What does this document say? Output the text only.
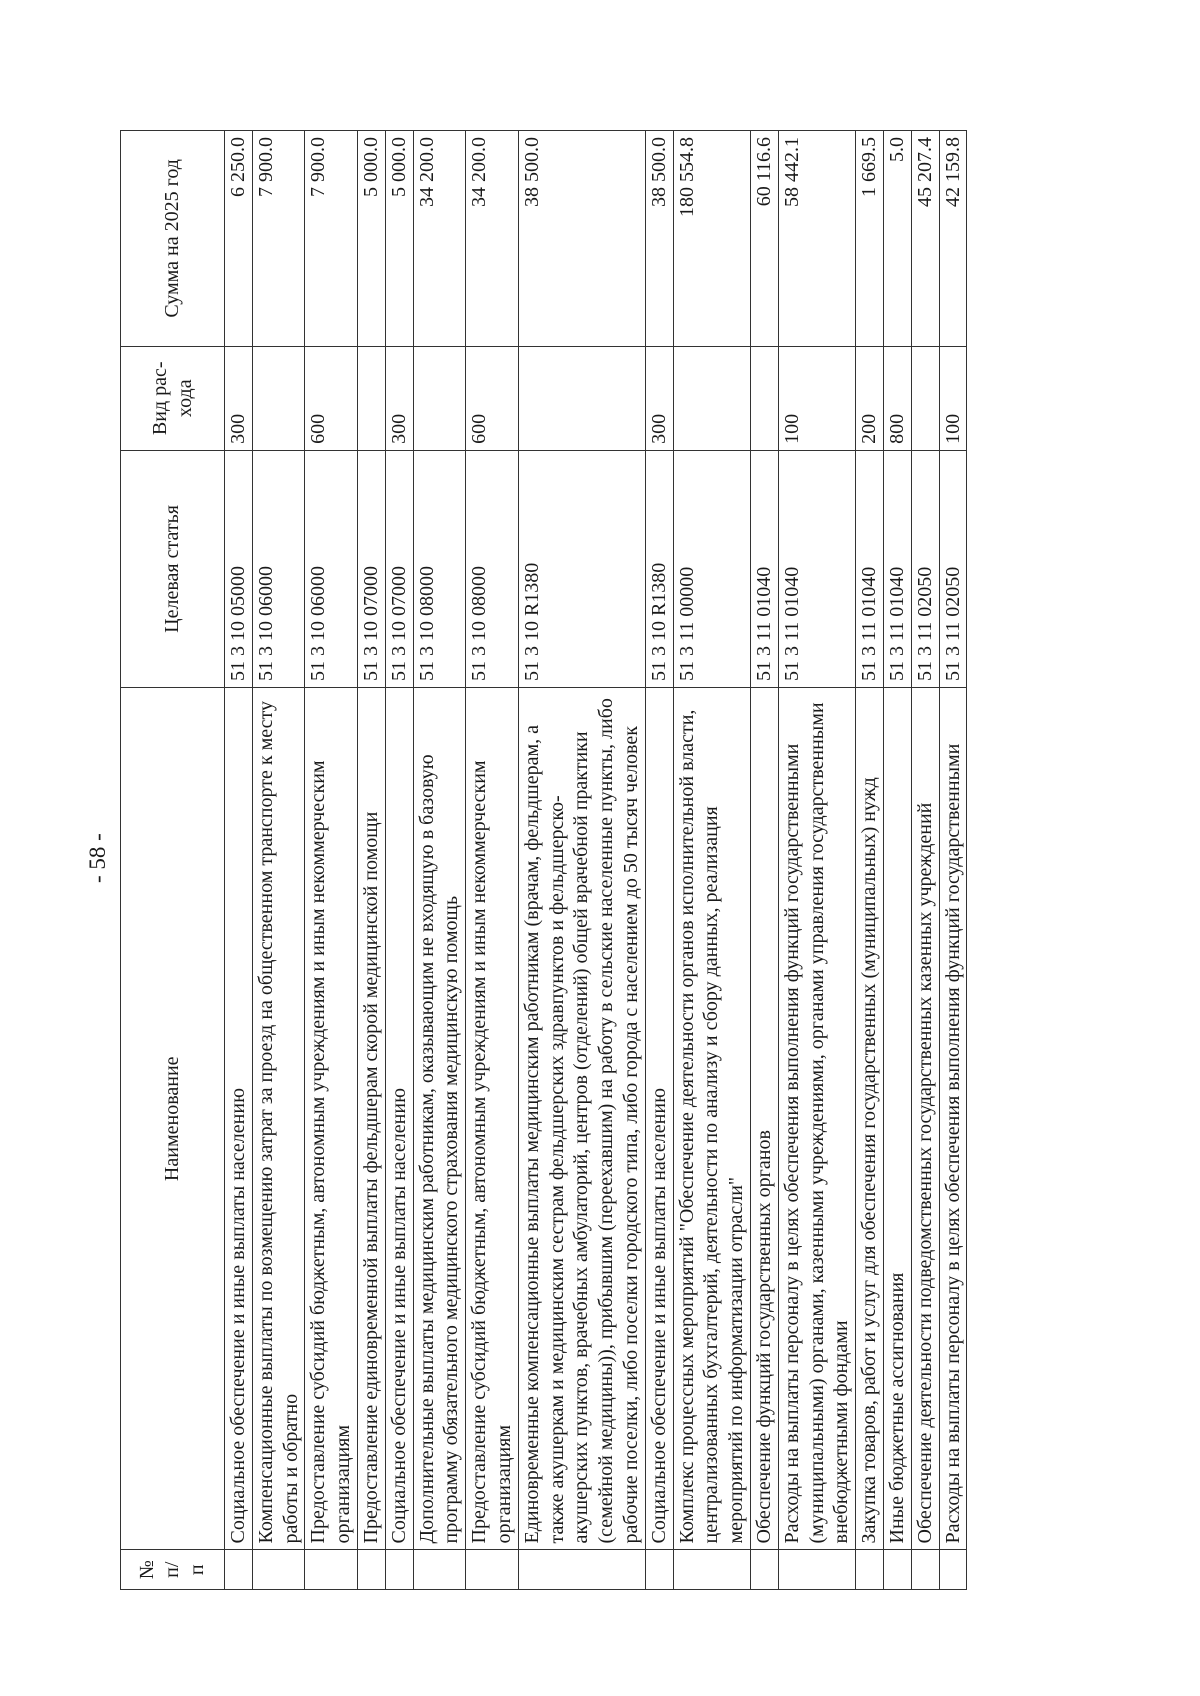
- 58 -
№ п/п	Наименование	Целевая статья	Вид рас-хода	Сумма на 2025 год
	Социальное обеспечение и иные выплаты населению	51 3 10 05000	300	6 250.0
	Компенсационные выплаты по возмещению затрат за проезд на общественном транспорте к месту работы и обратно	51 3 10 06000		7 900.0
	Предоставление субсидий бюджетным, автономным учреждениям и иным некоммерческим организациям	51 3 10 06000	600	7 900.0
	Предоставление единовременной выплаты фельдшерам скорой медицинской помощи	51 3 10 07000		5 000.0
	Социальное обеспечение и иные выплаты населению	51 3 10 07000	300	5 000.0
	Дополнительные выплаты медицинским работникам, оказывающим не входящую в базовую программу обязательного медицинского страхования медицинскую помощь	51 3 10 08000		34 200.0
	Предоставление субсидий бюджетным, автономным учреждениям и иным некоммерческим организациям	51 3 10 08000	600	34 200.0
	Единовременные компенсационные выплаты медицинским работникам (врачам, фельдшерам, а также акушеркам и медицинским сестрам фельдшерских здравпунктов и фельдшерско-акушерских пунктов, врачебных амбулаторий, центров (отделений) общей врачебной практики (семейной медицины)), прибывшим (переехавшим) на работу в сельские населенные пункты, либо рабочие поселки, либо поселки городского типа, либо города с населением до 50 тысяч человек	51 3 10 R1380		38 500.0
	Социальное обеспечение и иные выплаты населению	51 3 10 R1380	300	38 500.0
	Комплекс процессных мероприятий "Обеспечение деятельности органов исполнительной власти, централизованных бухгалтерий, деятельности по анализу и сбору данных, реализация мероприятий по информатизации отрасли"	51 3 11 00000		180 554.8
	Обеспечение функций государственных органов	51 3 11 01040		60 116.6
	Расходы на выплаты персоналу в целях обеспечения выполнения функций государственными (муниципальными) органами, казенными учреждениями, органами управления государственными внебюджетными фондами	51 3 11 01040	100	58 442.1
	Закупка товаров, работ и услуг для обеспечения государственных (муниципальных) нужд	51 3 11 01040	200	1 669.5
	Иные бюджетные ассигнования	51 3 11 01040	800	5.0
	Обеспечение деятельности подведомственных государственных казенных учреждений	51 3 11 02050		45 207.4
	Расходы на выплаты персоналу в целях обеспечения выполнения функций государственными	51 3 11 02050	100	42 159.8
